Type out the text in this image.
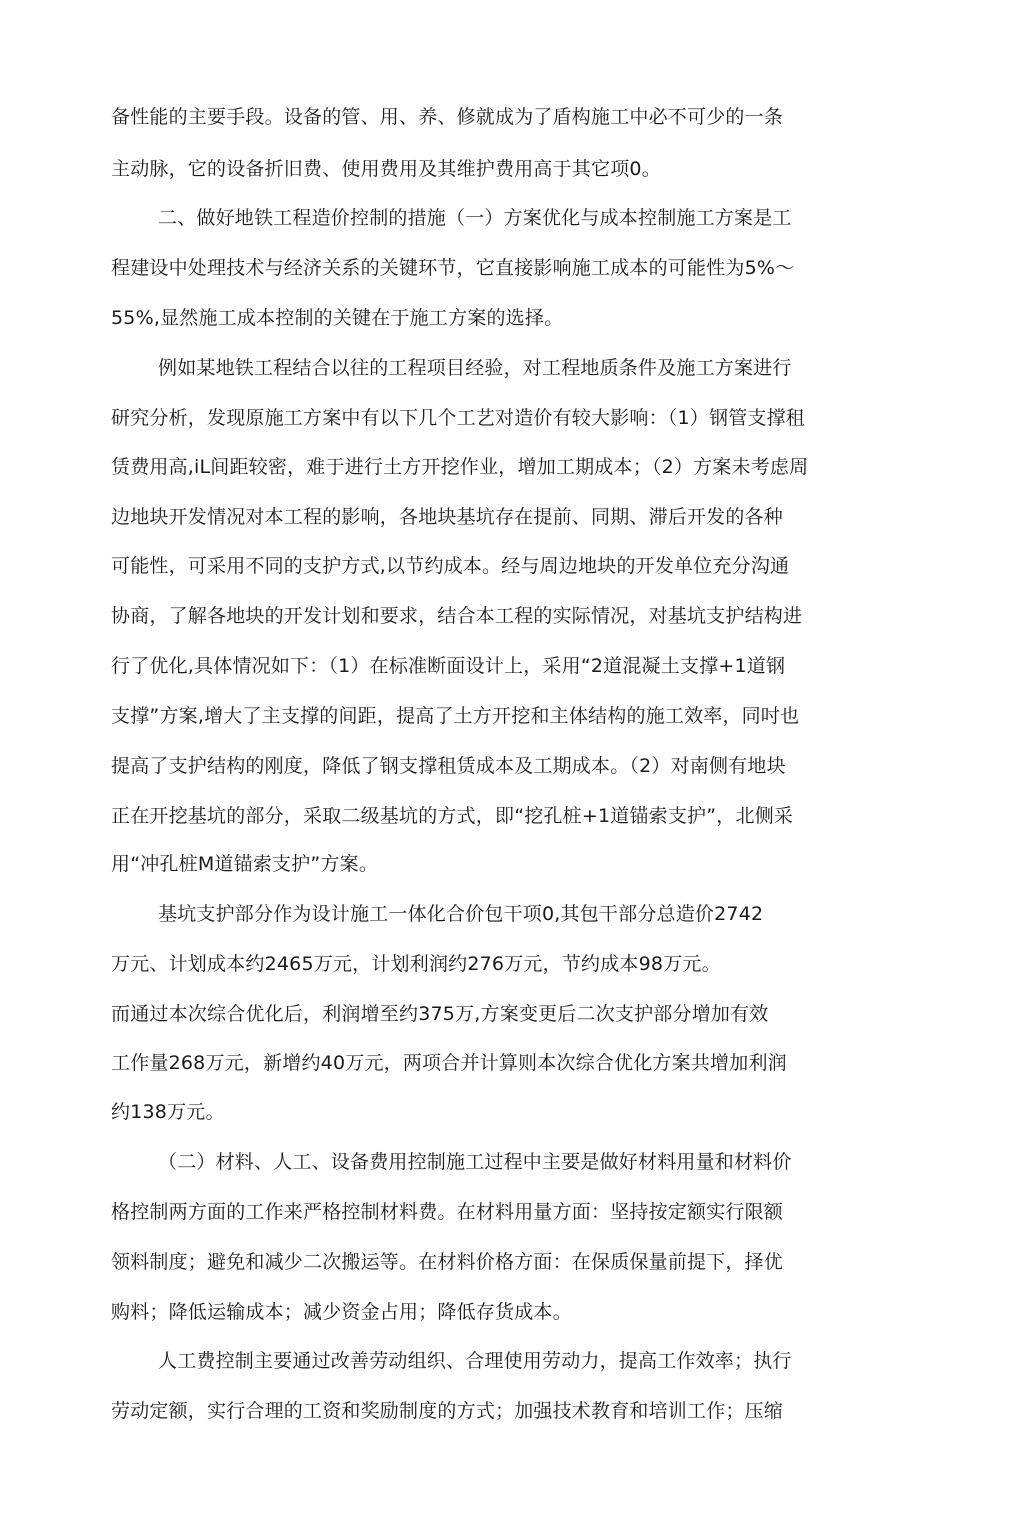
备性能的主要手段。设备的管、用、养、修就成为了盾构施工中必不可少的一条
主动脉，它的设备折旧费、使用费用及其维护费用高于其它项0。
二、做好地铁工程造价控制的措施（一）方案优化与成本控制施工方案是工
程建设中处理技术与经济关系的关键环节，它直接影响施工成本的可能性为5%〜
55%,显然施工成本控制的关键在于施工方案的选择。
例如某地铁工程结合以往的工程项目经验，对工程地质条件及施工方案进行
研究分析，发现原施工方案中有以下几个工艺对造价有较大影响：（1）钢管支撑租
赁费用高,iL间距较密，难于进行土方开挖作业，增加工期成本；（2）方案未考虑周
边地块开发情况对本工程的影响，各地块基坑存在提前、同期、滞后开发的各种
可能性，可采用不同的支护方式,以节约成本。经与周边地块的开发单位充分沟通
协商，了解各地块的开发计划和要求，结合本工程的实际情况，对基坑支护结构进
行了优化,具体情况如下：（1）在标准断面设计上，采用“2道混凝土支撑+1道钢
支撑”方案,增大了主支撑的间距，提高了土方开挖和主体结构的施工效率，同吋也
提高了支护结构的刚度，降低了钢支撑租赁成本及工期成本。（2）对南侧有地块
正在开挖基坑的部分，采取二级基坑的方式，即“挖孔桩+1道锚索支护”，北侧采
用“冲孔桩M道锚索支护”方案。
基坑支护部分作为设计施工一体化合价包干项0,其包干部分总造价2742
万元、计划成本约2465万元，计划利润约276万元，节约成本98万元。
而通过本次综合优化后，利润增至约375万,方案变更后二次支护部分增加有效
工作量268万元，新增约40万元，两项合并计算则本次综合优化方案共增加利润
约138万元。
（二）材料、人工、设备费用控制施工过程中主要是做好材料用量和材料价
格控制两方面的工作来严格控制材料费。在材料用量方面：坚持按定额实行限额
领料制度；避免和减少二次搬运等。在材料价格方面：在保质保量前提下，择优
购料；降低运输成本；减少资金占用；降低存货成本。
人工费控制主要通过改善劳动组织、合理使用劳动力，提高工作效率；执行
劳动定额，实行合理的工资和奖励制度的方式；加强技术教育和培训工作；压缩
